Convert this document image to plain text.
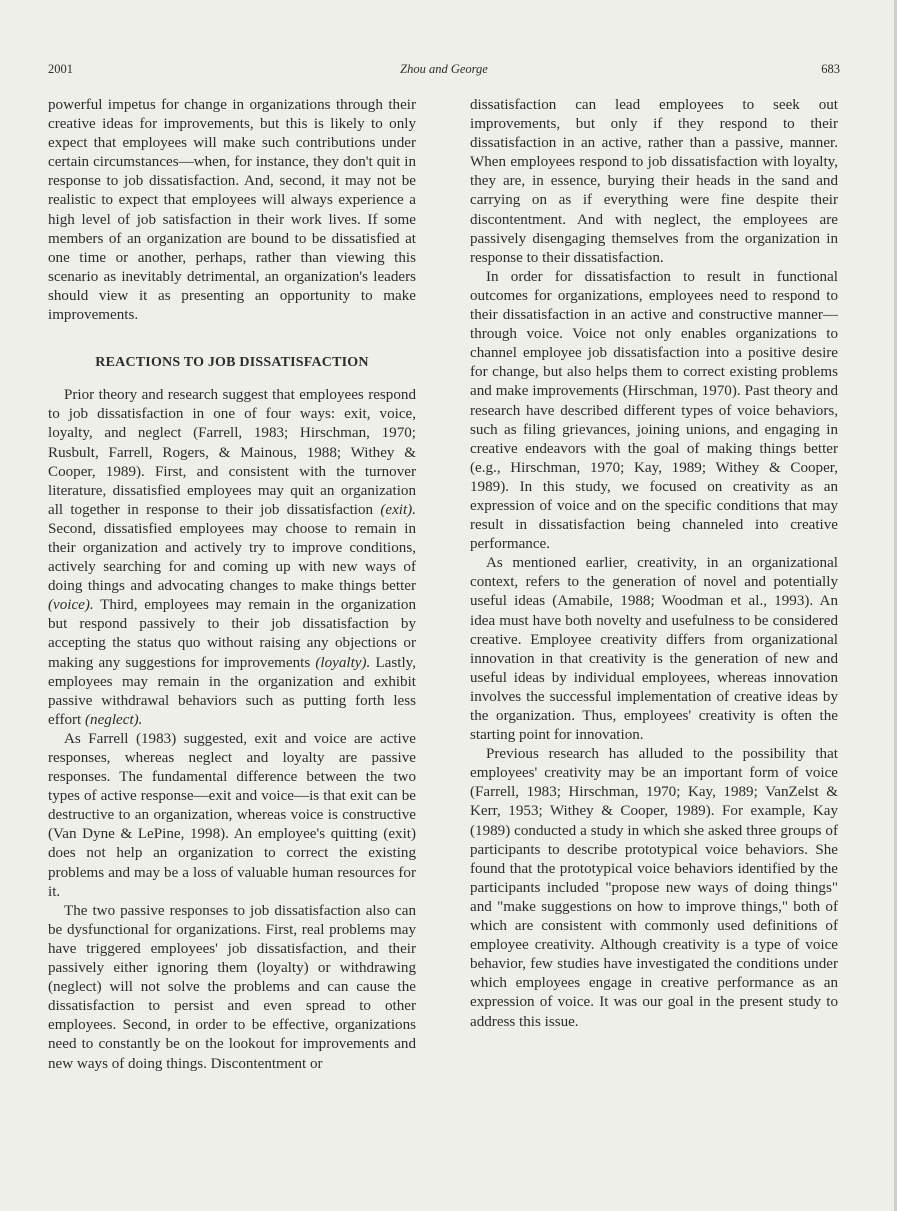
2001	Zhou and George	683

powerful impetus for change in organizations through their creative ideas for improvements, but this is likely to only expect that employees will make such contributions under certain circumstances—when, for instance, they don't quit in response to job dissatisfaction. And, second, it may not be realistic to expect that employees will always experience a high level of job satisfaction in their work lives. If some members of an organization are bound to be dissatisfied at one time or another, perhaps, rather than viewing this scenario as inevitably detrimental, an organization's leaders should view it as presenting an opportunity to make improvements.

REACTIONS TO JOB DISSATISFACTION

Prior theory and research suggest that employees respond to job dissatisfaction in one of four ways: exit, voice, loyalty, and neglect (Farrell, 1983; Hirschman, 1970; Rusbult, Farrell, Rogers, & Mainous, 1988; Withey & Cooper, 1989). First, and consistent with the turnover literature, dissatisfied employees may quit an organization all together in response to their job dissatisfaction (exit). Second, dissatisfied employees may choose to remain in their organization and actively try to improve conditions, actively searching for and coming up with new ways of doing things and advocating changes to make things better (voice). Third, employees may remain in the organization but respond passively to their job dissatisfaction by accepting the status quo without raising any objections or making any suggestions for improvements (loyalty). Lastly, employees may remain in the organization and exhibit passive withdrawal behaviors such as putting forth less effort (neglect).

As Farrell (1983) suggested, exit and voice are active responses, whereas neglect and loyalty are passive responses. The fundamental difference between the two types of active response—exit and voice—is that exit can be destructive to an organization, whereas voice is constructive (Van Dyne & LePine, 1998). An employee's quitting (exit) does not help an organization to correct the existing problems and may be a loss of valuable human resources for it.

The two passive responses to job dissatisfaction also can be dysfunctional for organizations. First, real problems may have triggered employees' job dissatisfaction, and their passively either ignoring them (loyalty) or withdrawing (neglect) will not solve the problems and can cause the dissatisfaction to persist and even spread to other employees. Second, in order to be effective, organizations need to constantly be on the lookout for improvements and new ways of doing things. Discontentment or

dissatisfaction can lead employees to seek out improvements, but only if they respond to their dissatisfaction in an active, rather than a passive, manner. When employees respond to job dissatisfaction with loyalty, they are, in essence, burying their heads in the sand and carrying on as if everything were fine despite their discontentment. And with neglect, the employees are passively disengaging themselves from the organization in response to their dissatisfaction.

In order for dissatisfaction to result in functional outcomes for organizations, employees need to respond to their dissatisfaction in an active and constructive manner—through voice. Voice not only enables organizations to channel employee job dissatisfaction into a positive desire for change, but also helps them to correct existing problems and make improvements (Hirschman, 1970). Past theory and research have described different types of voice behaviors, such as filing grievances, joining unions, and engaging in creative endeavors with the goal of making things better (e.g., Hirschman, 1970; Kay, 1989; Withey & Cooper, 1989). In this study, we focused on creativity as an expression of voice and on the specific conditions that may result in dissatisfaction being channeled into creative performance.

As mentioned earlier, creativity, in an organizational context, refers to the generation of novel and potentially useful ideas (Amabile, 1988; Woodman et al., 1993). An idea must have both novelty and usefulness to be considered creative. Employee creativity differs from organizational innovation in that creativity is the generation of new and useful ideas by individual employees, whereas innovation involves the successful implementation of creative ideas by the organization. Thus, employees' creativity is often the starting point for innovation.

Previous research has alluded to the possibility that employees' creativity may be an important form of voice (Farrell, 1983; Hirschman, 1970; Kay, 1989; VanZelst & Kerr, 1953; Withey & Cooper, 1989). For example, Kay (1989) conducted a study in which she asked three groups of participants to describe prototypical voice behaviors. She found that the prototypical voice behaviors identified by the participants included "propose new ways of doing things" and "make suggestions on how to improve things," both of which are consistent with commonly used definitions of employee creativity. Although creativity is a type of voice behavior, few studies have investigated the conditions under which employees engage in creative performance as an expression of voice. It was our goal in the present study to address this issue.
